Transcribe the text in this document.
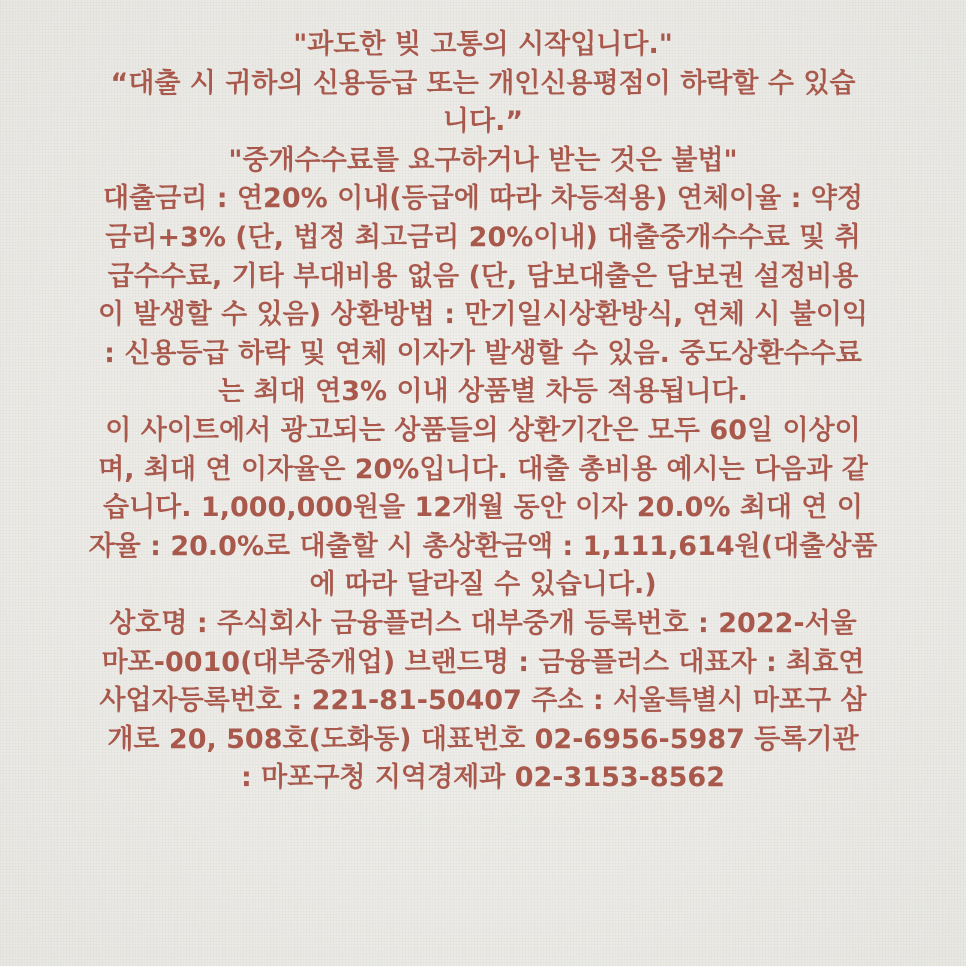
"과도한 빚 고통의 시작입니다."
“대출 시 귀하의 신용등급 또는 개인신용평점이 하락할 수 있습
니다.”
"중개수수료를 요구하거나 받는 것은 불법"
대출금리 : 연20% 이내(등급에 따라 차등적용) 연체이율 : 약정
금리+3% (단, 법정 최고금리 20%이내) 대출중개수수료 및 취
급수수료, 기타 부대비용 없음 (단, 담보대출은 담보권 설정비용
이 발생할 수 있음) 상환방법 : 만기일시상환방식, 연체 시 불이익
: 신용등급 하락 및 연체 이자가 발생할 수 있음. 중도상환수수료
는 최대 연3% 이내 상품별 차등 적용됩니다.
이 사이트에서 광고되는 상품들의 상환기간은 모두 60일 이상이
며, 최대 연 이자율은 20%입니다. 대출 총비용 예시는 다음과 같
습니다. 1,000,000원을 12개월 동안 이자 20.0% 최대 연 이
자율 : 20.0%로 대출할 시 총상환금액 : 1,111,614원(대출상품
에 따라 달라질 수 있습니다.)
상호명 : 주식회사 금융플러스 대부중개 등록번호 : 2022-서울
마포-0010(대부중개업) 브랜드명 : 금융플러스 대표자 : 최효연
사업자등록번호 : 221-81-50407 주소 : 서울특별시 마포구 삼
개로 20, 508호(도화동) 대표번호 02-6956-5987 등록기관
: 마포구청 지역경제과 02-3153-8562
